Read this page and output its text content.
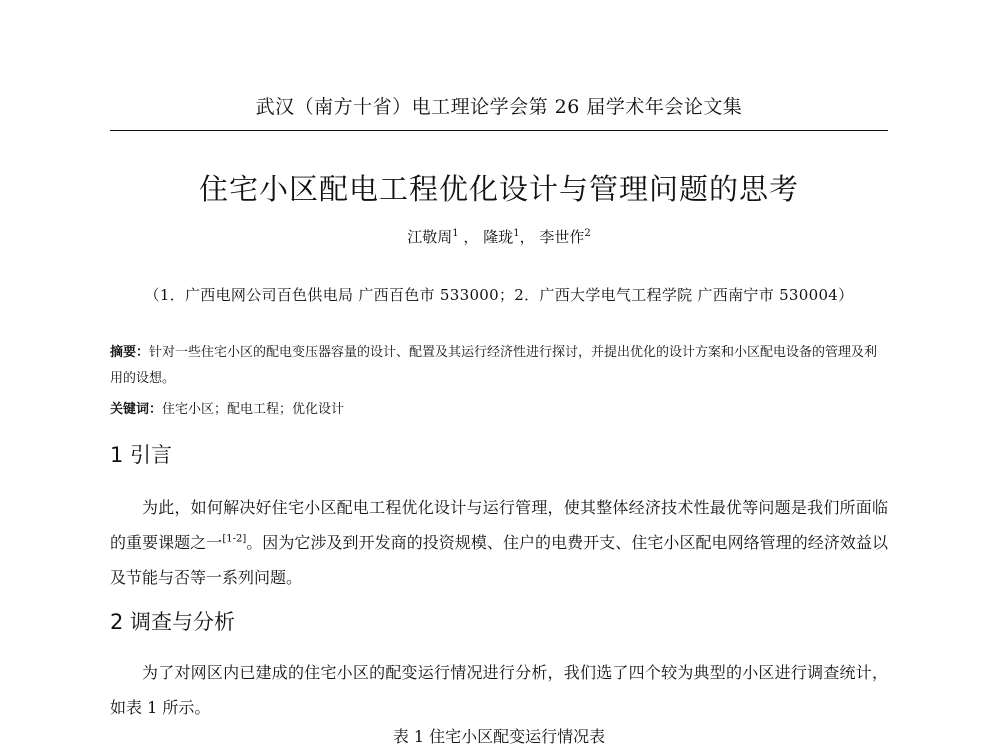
武汉（南方十省）电工理论学会第 26 届学术年会论文集
住宅小区配电工程优化设计与管理问题的思考
江敬周$^1$ ， 隆珑$^1$， 李世作$^2$
（1．广西电网公司百色供电局 广西百色市 533000；2．广西大学电气工程学院 广西南宁市 530004）
摘要：针对一些住宅小区的配电变压器容量的设计、配置及其运行经济性进行探讨，并提出优化的设计方案和小区配电设备的管理及利用的设想。
关键词：住宅小区；配电工程；优化设计
1 引言
为此，如何解决好住宅小区配电工程优化设计与运行管理，使其整体经济技术性最优等问题是我们所面临的重要课题之一[1-2]。因为它涉及到开发商的投资规模、住户的电费开支、住宅小区配电网络管理的经济效益以及节能与否等一系列问题。
2 调查与分析
为了对网区内已建成的住宅小区的配变运行情况进行分析，我们选了四个较为典型的小区进行调查统计，如表 1 所示。
表 1 住宅小区配变运行情况表
